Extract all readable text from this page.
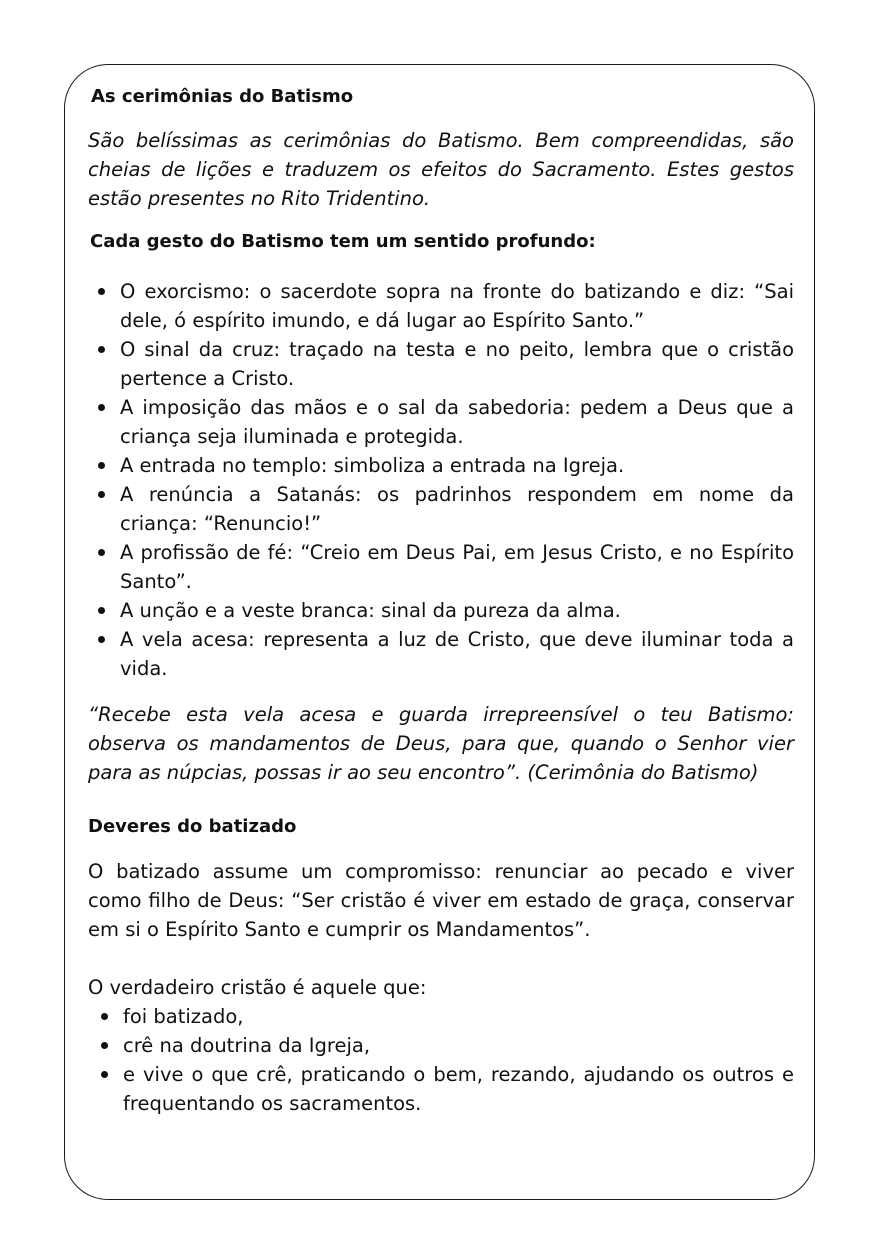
As cerimônias do Batismo

São belíssimas as cerimônias do Batismo. Bem compreendidas, são cheias de lições e traduzem os efeitos do Sacramento. Estes gestos estão presentes no Rito Tridentino.

Cada gesto do Batismo tem um sentido profundo:
O exorcismo: o sacerdote sopra na fronte do batizando e diz: “Sai dele, ó espírito imundo, e dá lugar ao Espírito Santo.”
O sinal da cruz: traçado na testa e no peito, lembra que o cristão pertence a Cristo.
A imposição das mãos e o sal da sabedoria: pedem a Deus que a criança seja iluminada e protegida.
A entrada no templo: simboliza a entrada na Igreja.
A renúncia a Satanás: os padrinhos respondem em nome da criança: “Renuncio!”
A profissão de fé: “Creio em Deus Pai, em Jesus Cristo, e no Espírito Santo”.
A unção e a veste branca: sinal da pureza da alma.
A vela acesa: representa a luz de Cristo, que deve iluminar toda a vida.

“Recebe esta vela acesa e guarda irrepreensível o teu Batismo: observa os mandamentos de Deus, para que, quando o Senhor vier para as núpcias, possas ir ao seu encontro”. (Cerimônia do Batismo)

Deveres do batizado

O batizado assume um compromisso: renunciar ao pecado e viver como filho de Deus: “Ser cristão é viver em estado de graça, conservar em si o Espírito Santo e cumprir os Mandamentos”.

O verdadeiro cristão é aquele que:

foi batizado,
crê na doutrina da Igreja,
e vive o que crê, praticando o bem, rezando, ajudando os outros e frequentando os sacramentos.
